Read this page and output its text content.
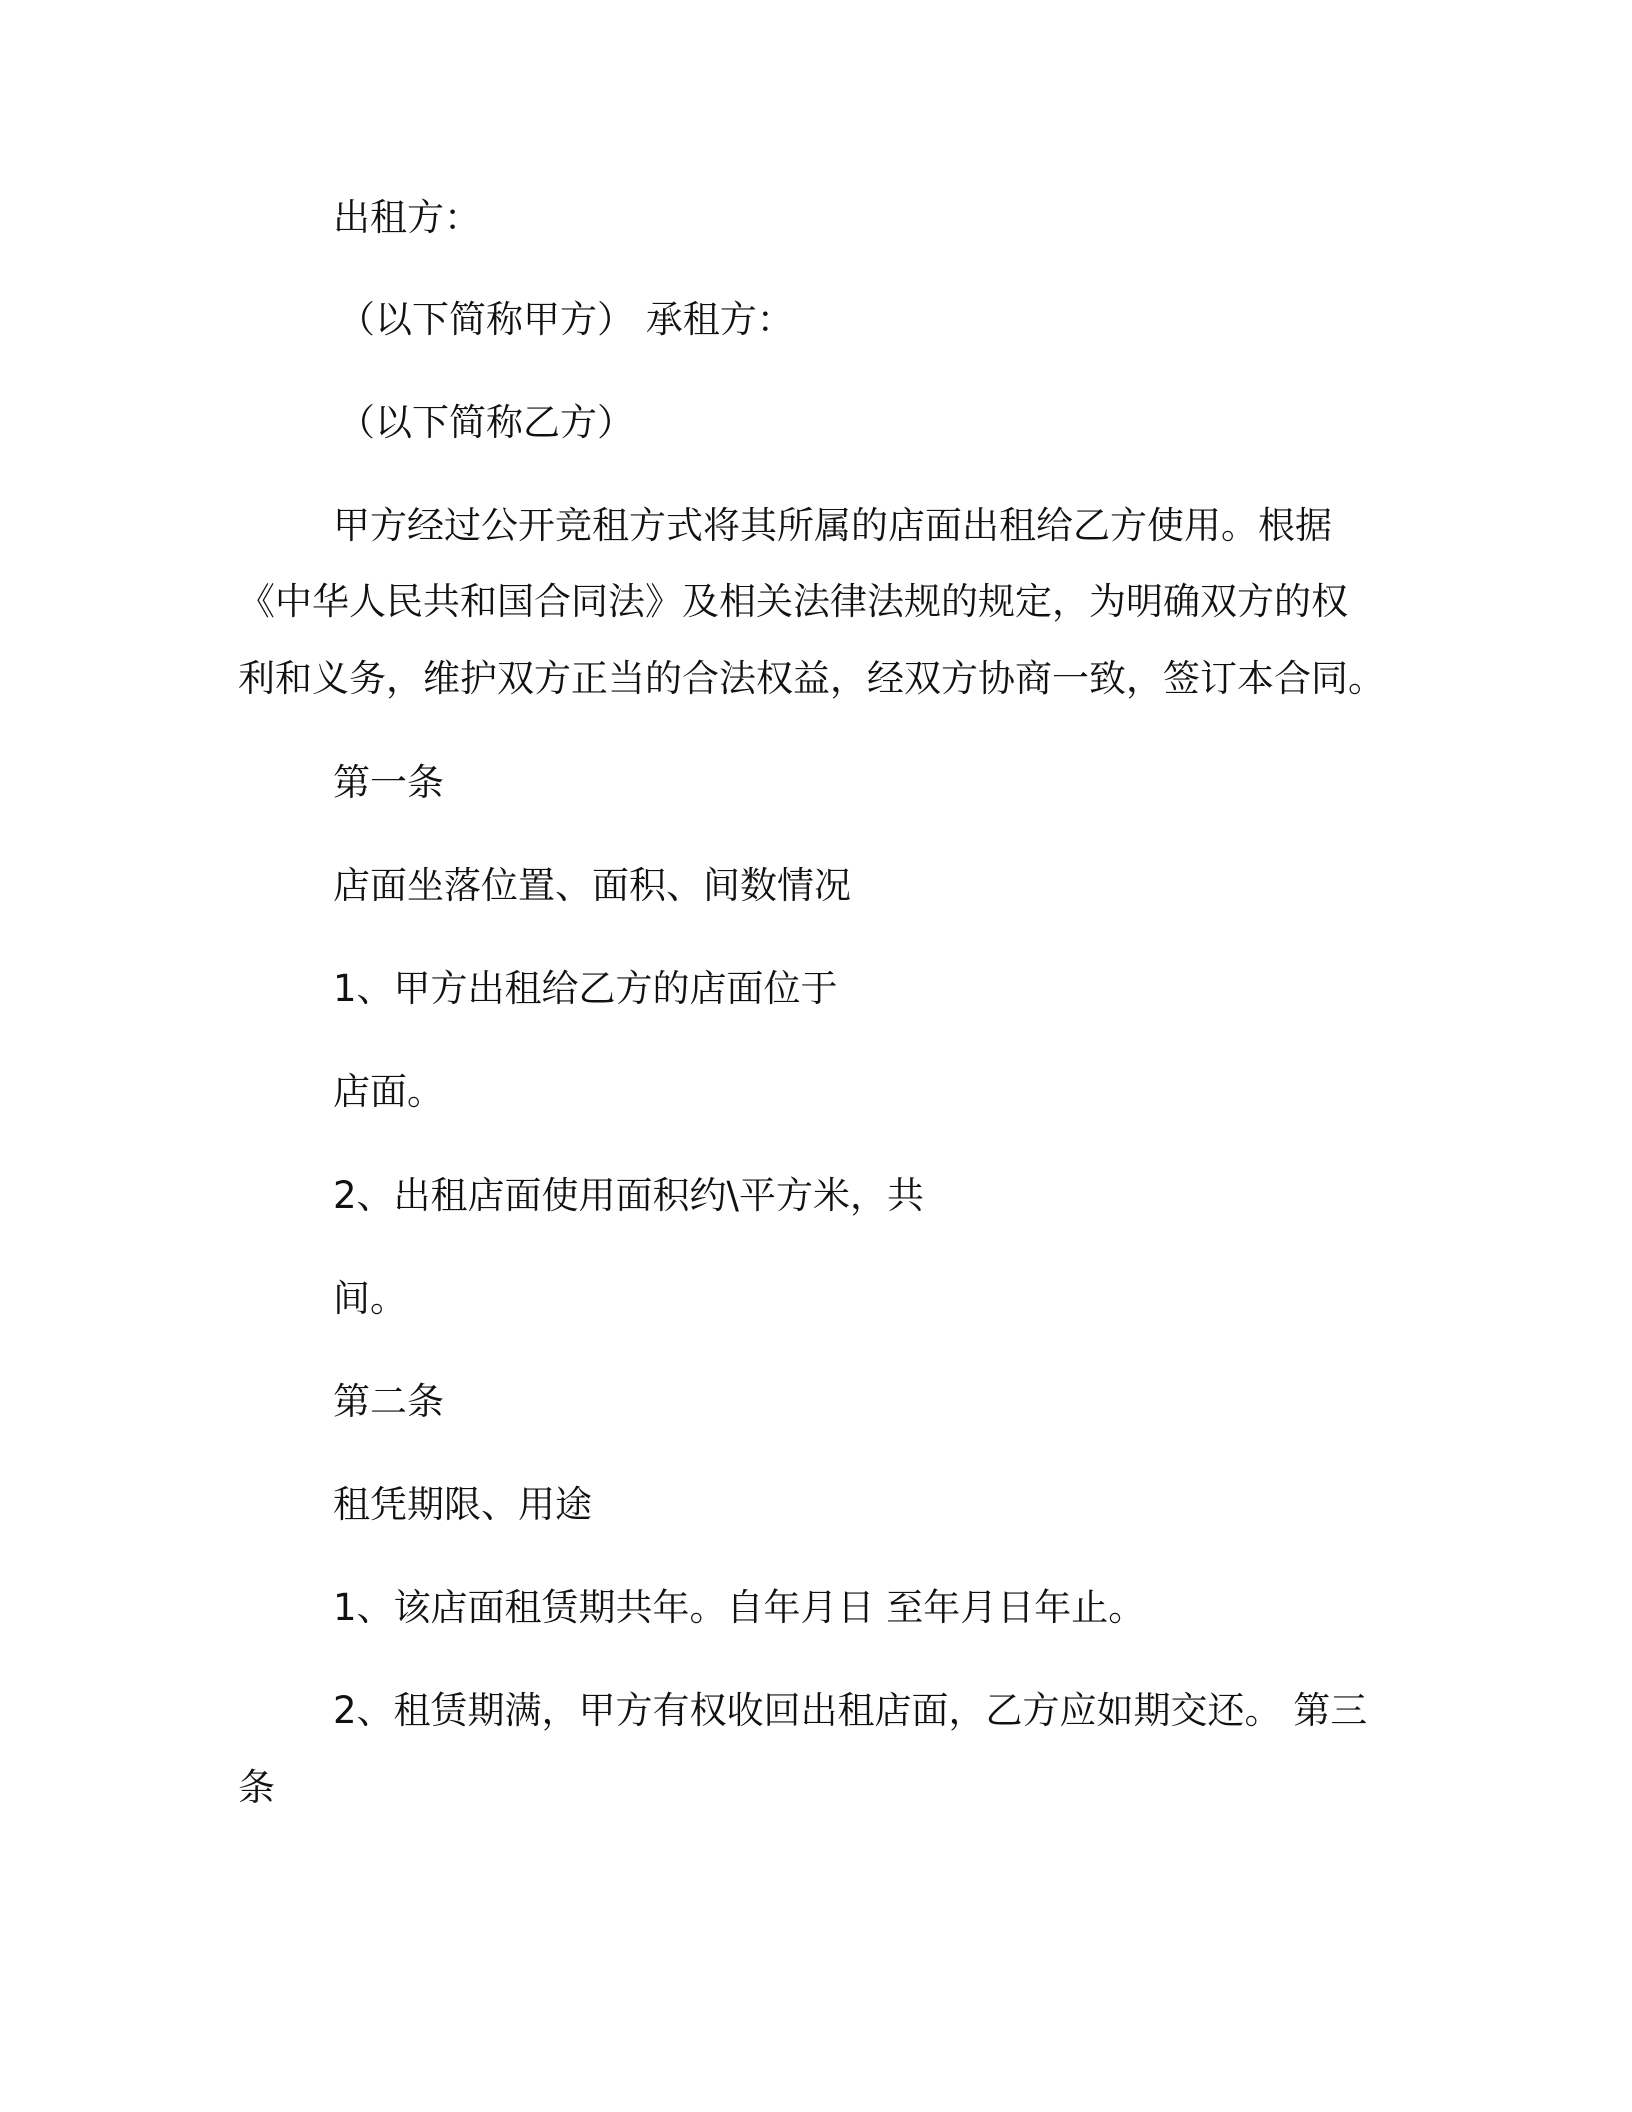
出租方：
（以下简称甲方） 承租方：
（以下简称乙方）
甲方经过公开竞租方式将其所属的店面出租给乙方使用。根据
《中华人民共和国合同法》及相关法律法规的规定，为明确双方的权
利和义务，维护双方正当的合法权益，经双方协商一致，签订本合同。
第一条
店面坐落位置、面积、间数情况
1、甲方出租给乙方的店面位于
店面。
2、出租店面使用面积约\平方米，共
间。
第二条
租凭期限、用途
1、该店面租赁期共年。自年月日 至年月日年止。
2、租赁期满，甲方有权收回出租店面，乙方应如期交还。 第三
条
